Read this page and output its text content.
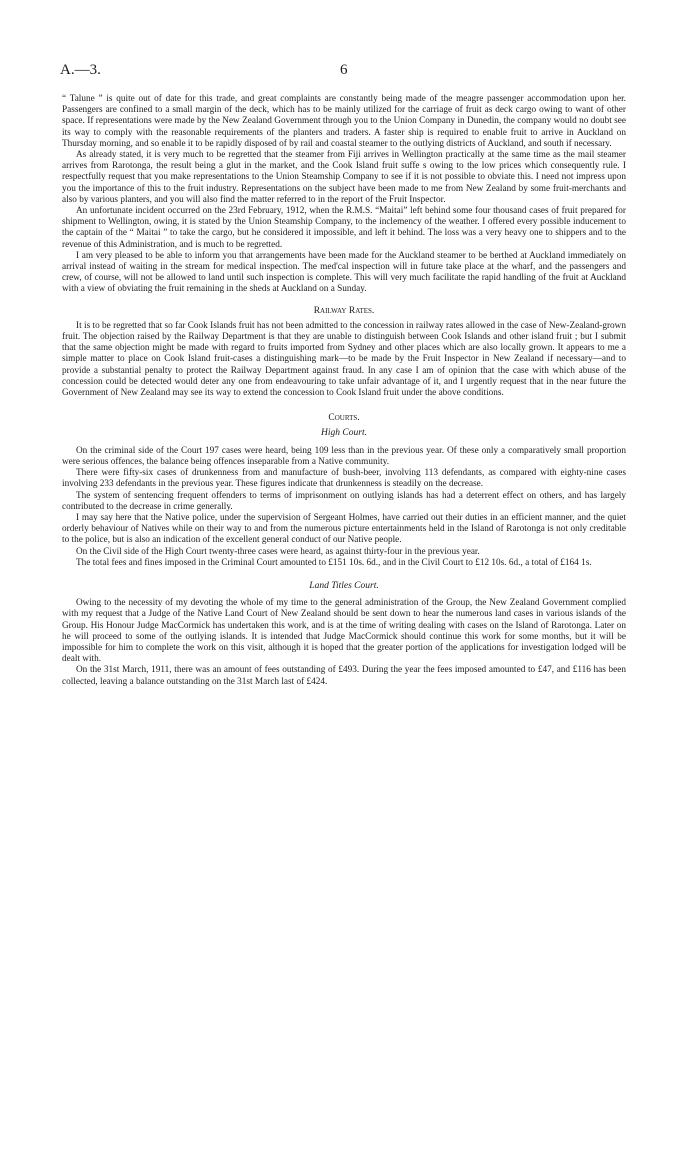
A.—3.	6

“ Talune ” is quite out of date for this trade, and great complaints are constantly being made of the meagre passenger accommodation upon her. Passengers are confined to a small margin of the deck, which has to be mainly utilized for the carriage of fruit as deck cargo owing to want of other space. If representations were made by the New Zealand Government through you to the Union Company in Dunedin, the company would no doubt see its way to comply with the reasonable requirements of the planters and traders. A faster ship is required to enable fruit to arrive in Auckland on Thursday morning, and so enable it to be rapidly disposed of by rail and coastal steamer to the outlying districts of Auckland, and south if necessary.

As already stated, it is very much to be regretted that the steamer from Fiji arrives in Wellington practically at the same time as the mail steamer arrives from Rarotonga, the result being a glut in the market, and the Cook Island fruit suffe s owing to the low prices which consequently rule. I respectfully request that you make representations to the Union Steamship Company to see if it is not possible to obviate this. I need not impress upon you the importance of this to the fruit industry. Representations on the subject have been made to me from New Zealand by some fruit-merchants and also by various planters, and you will also find the matter referred to in the report of the Fruit Inspector.

An unfortunate incident occurred on the 23rd February, 1912, when the R.M.S. “Maitai” left behind some four thousand cases of fruit prepared for shipment to Wellington, owing, it is stated by the Union Steamship Company, to the inclemency of the weather. I offered every possible inducement to the captain of the “ Maitai ” to take the cargo, but he considered it impossible, and left it behind. The loss was a very heavy one to shippers and to the revenue of this Administration, and is much to be regretted.

I am very pleased to be able to inform you that arrangements have been made for the Auckland steamer to be berthed at Auckland immediately on arrival instead of waiting in the stream for medical inspection. The med'cal inspection will in future take place at the wharf, and the passengers and crew, of course, will not be allowed to land until such inspection is complete. This will very much facilitate the rapid handling of the fruit at Auckland with a view of obviating the fruit remaining in the sheds at Auckland on a Sunday.

Railway Rates.

It is to be regretted that so far Cook Islands fruit has not been admitted to the concession in railway rates allowed in the case of New-Zealand-grown fruit. The objection raised by the Railway Department is that they are unable to distinguish between Cook Islands and other island fruit ; but I submit that the same objection might be made with regard to fruits imported from Sydney and other places which are also locally grown. It appears to me a simple matter to place on Cook Island fruit-cases a distinguishing mark—to be made by the Fruit Inspector in New Zealand if necessary—and to provide a substantial penalty to protect the Railway Department against fraud. In any case I am of opinion that the case with which abuse of the concession could be detected would deter any one from endeavouring to take unfair advantage of it, and I urgently request that in the near future the Government of New Zealand may see its way to extend the concession to Cook Island fruit under the above conditions.

Courts.
High Court.

On the criminal side of the Court 197 cases were heard, being 109 less than in the previous year. Of these only a comparatively small proportion were serious offences, the balance being offences inseparable from a Native community.

There were fifty-six cases of drunkenness from and manufacture of bush-beer, involving 113 defendants, as compared with eighty-nine cases involving 233 defendants in the previous year. These figures indicate that drunkenness is steadily on the decrease.

The system of sentencing frequent offenders to terms of imprisonment on outlying islands has had a deterrent effect on others, and has largely contributed to the decrease in crime generally.

I may say here that the Native police, under the supervision of Sergeant Holmes, have carried out their duties in an efficient manner, and the quiet orderly behaviour of Natives while on their way to and from the numerous picture entertainments held in the Island of Rarotonga is not only creditable to the police, but is also an indication of the excellent general conduct of our Native people.

On the Civil side of the High Court twenty-three cases were heard, as against thirty-four in the previous year.

The total fees and fines imposed in the Criminal Court amounted to £151 10s. 6d., and in the Civil Court to £12 10s. 6d., a total of £164 1s.

Land Titles Court.

Owing to the necessity of my devoting the whole of my time to the general administration of the Group, the New Zealand Government complied with my request that a Judge of the Native Land Court of New Zealand should be sent down to hear the numerous land cases in various islands of the Group. His Honour Judge MacCormick has undertaken this work, and is at the time of writing dealing with cases on the Island of Rarotonga. Later on he will proceed to some of the outlying islands. It is intended that Judge MacCormick should continue this work for some months, but it will be impossible for him to complete the work on this visit, although it is hoped that the greater portion of the applications for investigation lodged will be dealt with.

On the 31st March, 1911, there was an amount of fees outstanding of £493. During the year the fees imposed amounted to £47, and £116 has been collected, leaving a balance outstanding on the 31st March last of £424.
